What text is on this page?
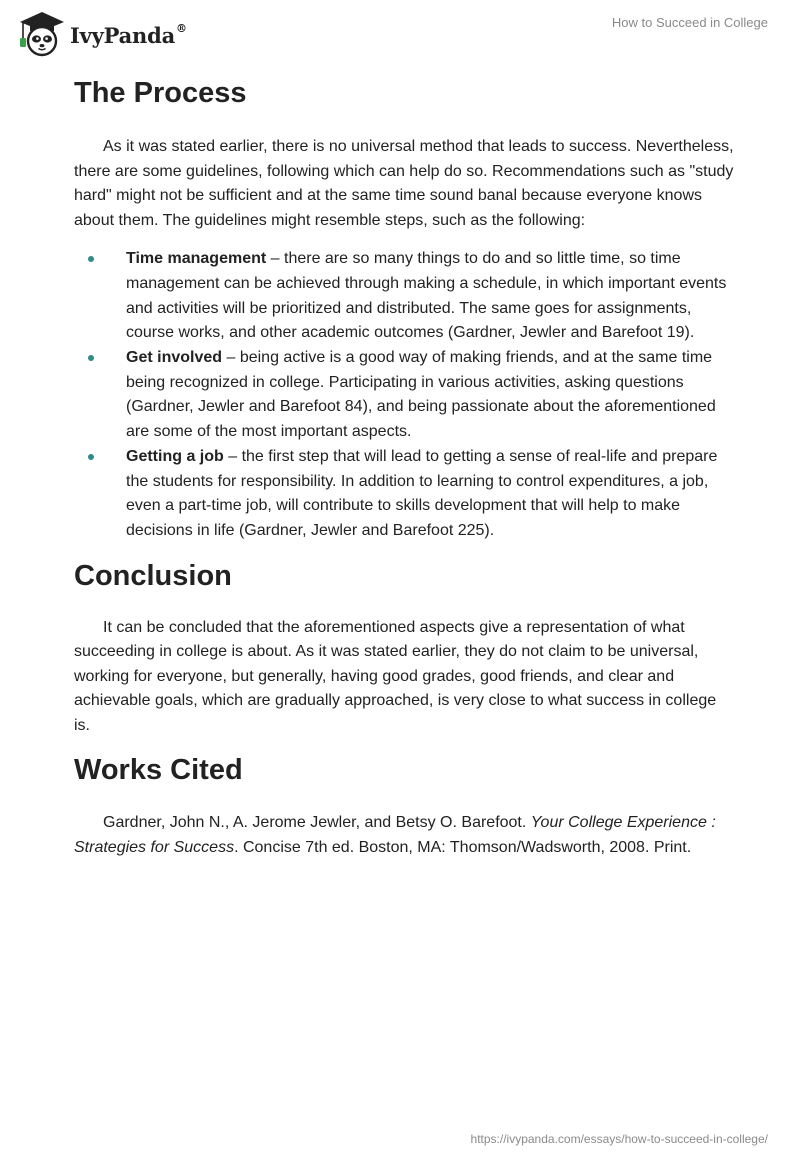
IvyPanda®	How to Succeed in College
The Process

As it was stated earlier, there is no universal method that leads to success. Nevertheless, there are some guidelines, following which can help do so. Recommendations such as "study hard" might not be sufficient and at the same time sound banal because everyone knows about them. The guidelines might resemble steps, such as the following:

Time management – there are so many things to do and so little time, so time management can be achieved through making a schedule, in which important events and activities will be prioritized and distributed. The same goes for assignments, course works, and other academic outcomes (Gardner, Jewler and Barefoot 19).
Get involved – being active is a good way of making friends, and at the same time being recognized in college. Participating in various activities, asking questions (Gardner, Jewler and Barefoot 84), and being passionate about the aforementioned are some of the most important aspects.
Getting a job – the first step that will lead to getting a sense of real-life and prepare the students for responsibility. In addition to learning to control expenditures, a job, even a part-time job, will contribute to skills development that will help to make decisions in life (Gardner, Jewler and Barefoot 225).
Conclusion

It can be concluded that the aforementioned aspects give a representation of what succeeding in college is about. As it was stated earlier, they do not claim to be universal, working for everyone, but generally, having good grades, good friends, and clear and achievable goals, which are gradually approached, is very close to what success in college is.

Works Cited

Gardner, John N., A. Jerome Jewler, and Betsy O. Barefoot. Your College Experience : Strategies for Success. Concise 7th ed. Boston, MA: Thomson/Wadsworth, 2008. Print.

https://ivypanda.com/essays/how-to-succeed-in-college/
